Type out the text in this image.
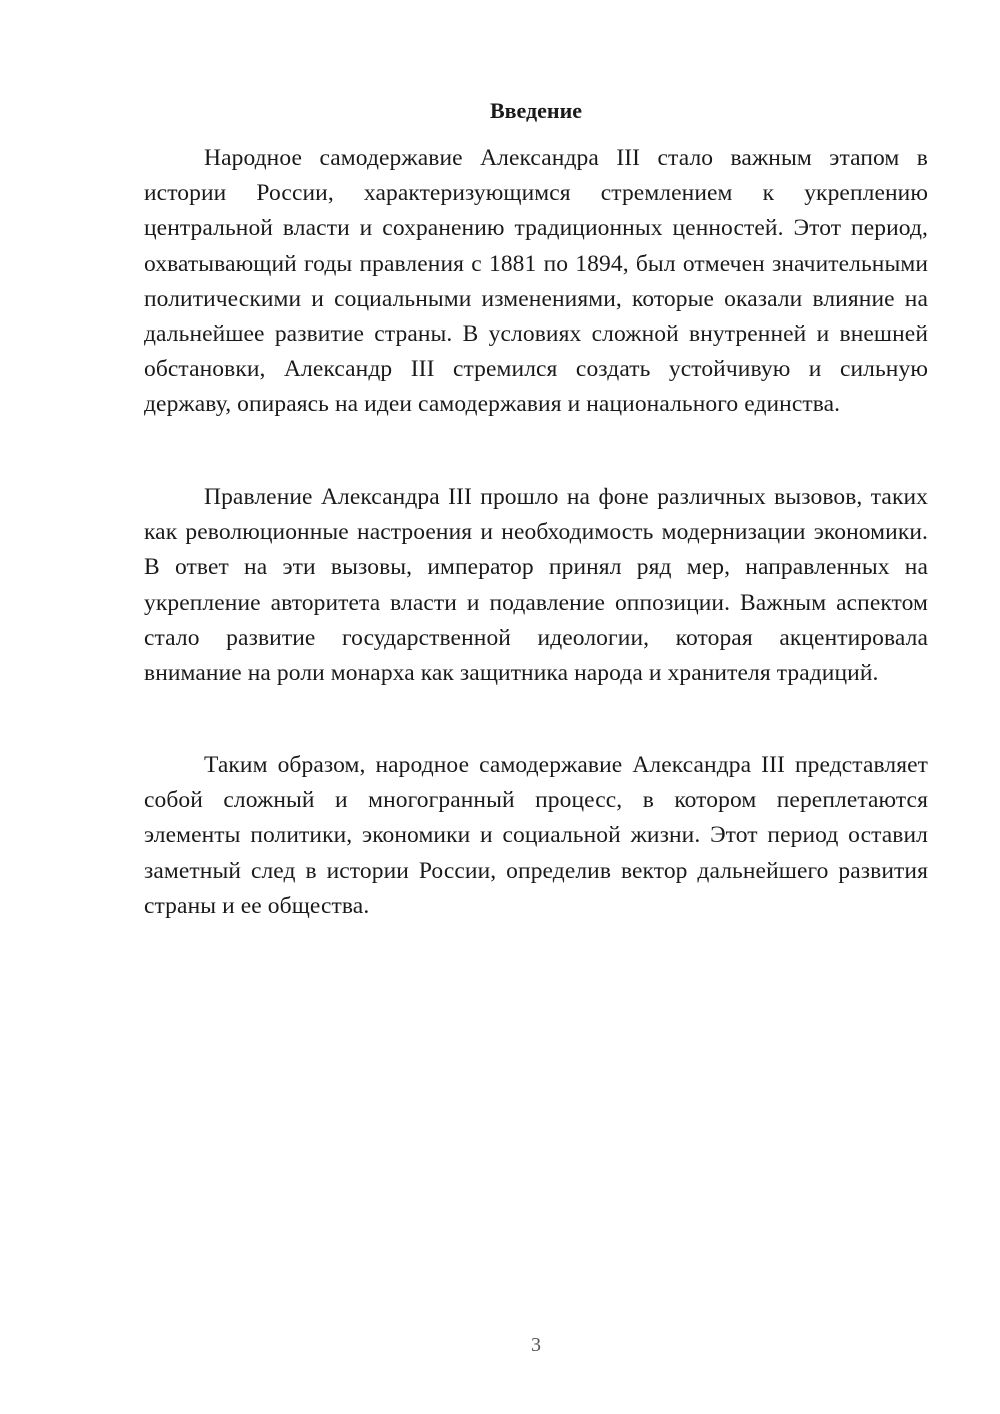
Введение

Народное самодержавие Александра III стало важным этапом в истории России, характеризующимся стремлением к укреплению центральной власти и сохранению традиционных ценностей. Этот период, охватывающий годы правления с 1881 по 1894, был отмечен значительными политическими и социальными изменениями, которые оказали влияние на дальнейшее развитие страны. В условиях сложной внутренней и внешней обстановки, Александр III стремился создать устойчивую и сильную державу, опираясь на идеи самодержавия и национального единства.

Правление Александра III прошло на фоне различных вызовов, таких как революционные настроения и необходимость модернизации экономики. В ответ на эти вызовы, император принял ряд мер, направленных на укрепление авторитета власти и подавление оппозиции. Важным аспектом стало развитие государственной идеологии, которая акцентировала внимание на роли монарха как защитника народа и хранителя традиций.

Таким образом, народное самодержавие Александра III представляет собой сложный и многогранный процесс, в котором переплетаются элементы политики, экономики и социальной жизни. Этот период оставил заметный след в истории России, определив вектор дальнейшего развития страны и ее общества.

3
